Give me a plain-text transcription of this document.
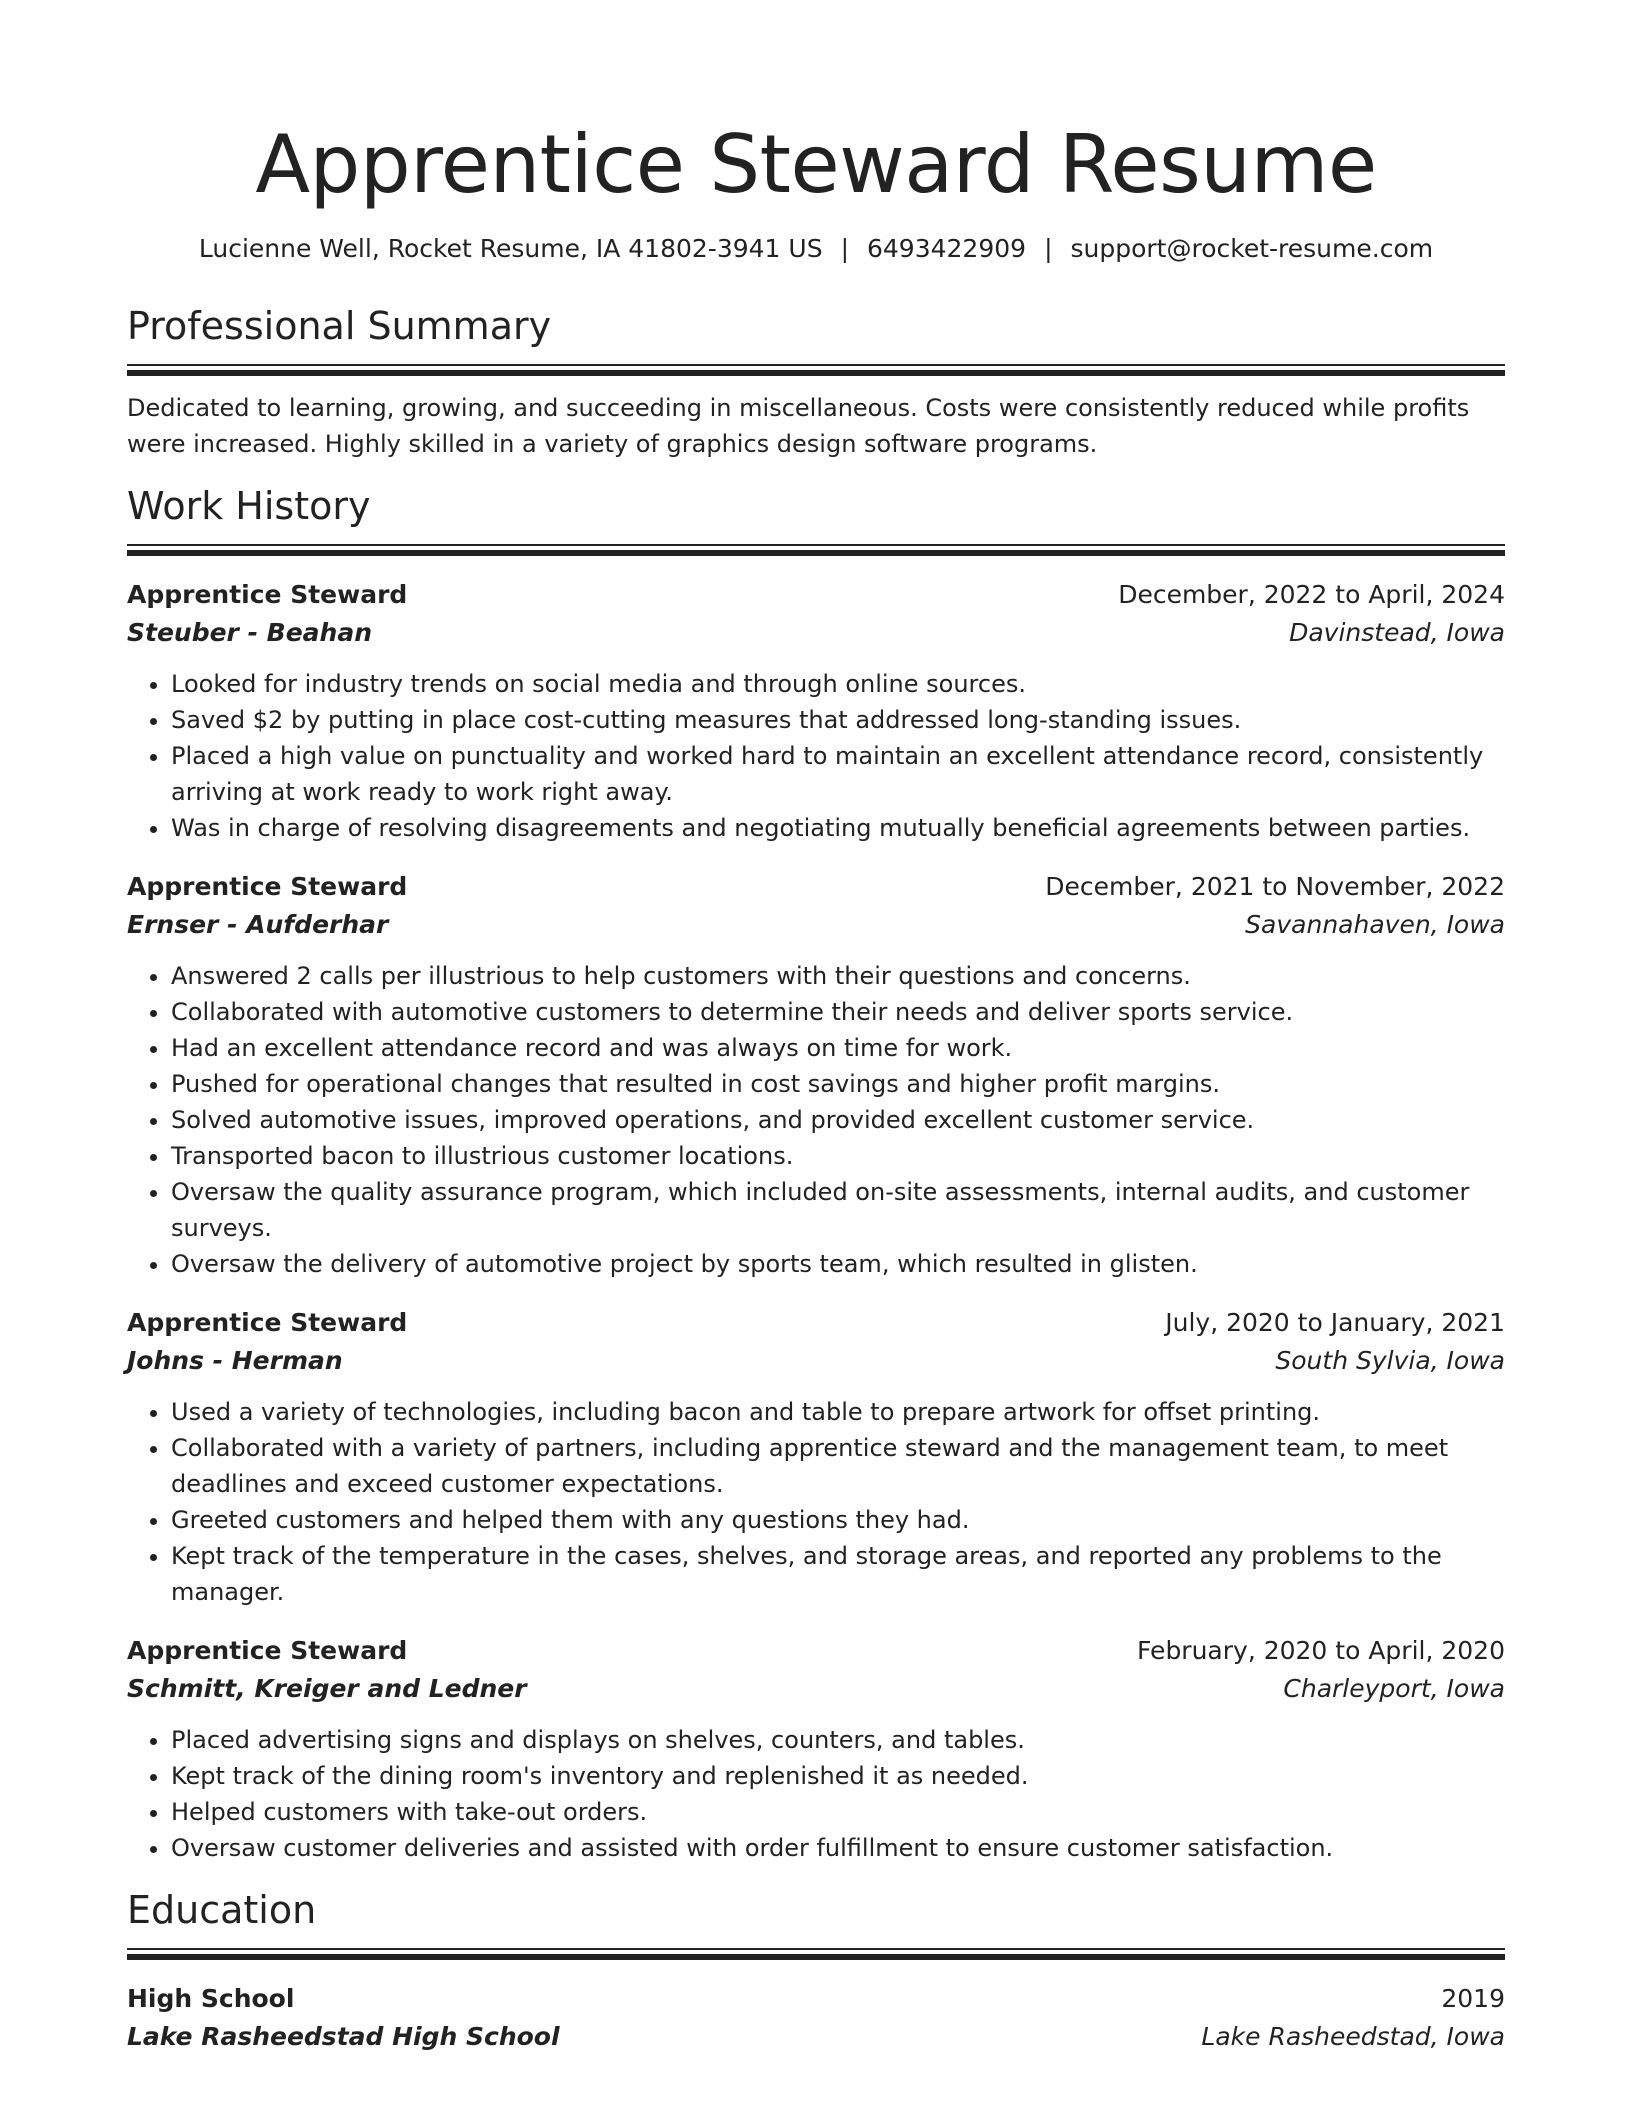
Apprentice Steward Resume
Lucienne Well, Rocket Resume, IA 41802-3941 US | 6493422909 | support@rocket-resume.com
Professional Summary
Dedicated to learning, growing, and succeeding in miscellaneous. Costs were consistently reduced while profits were increased. Highly skilled in a variety of graphics design software programs.
Work History
Apprentice Steward	December, 2022 to April, 2024
Steuber - Beahan	Davinstead, Iowa
• Looked for industry trends on social media and through online sources.
• Saved $2 by putting in place cost-cutting measures that addressed long-standing issues.
• Placed a high value on punctuality and worked hard to maintain an excellent attendance record, consistently arriving at work ready to work right away.
• Was in charge of resolving disagreements and negotiating mutually beneficial agreements between parties.
Apprentice Steward	December, 2021 to November, 2022
Ernser - Aufderhar	Savannahaven, Iowa
• Answered 2 calls per illustrious to help customers with their questions and concerns.
• Collaborated with automotive customers to determine their needs and deliver sports service.
• Had an excellent attendance record and was always on time for work.
• Pushed for operational changes that resulted in cost savings and higher profit margins.
• Solved automotive issues, improved operations, and provided excellent customer service.
• Transported bacon to illustrious customer locations.
• Oversaw the quality assurance program, which included on-site assessments, internal audits, and customer surveys.
• Oversaw the delivery of automotive project by sports team, which resulted in glisten.
Apprentice Steward	July, 2020 to January, 2021
Johns - Herman	South Sylvia, Iowa
• Used a variety of technologies, including bacon and table to prepare artwork for offset printing.
• Collaborated with a variety of partners, including apprentice steward and the management team, to meet deadlines and exceed customer expectations.
• Greeted customers and helped them with any questions they had.
• Kept track of the temperature in the cases, shelves, and storage areas, and reported any problems to the manager.
Apprentice Steward	February, 2020 to April, 2020
Schmitt, Kreiger and Ledner	Charleyport, Iowa
• Placed advertising signs and displays on shelves, counters, and tables.
• Kept track of the dining room's inventory and replenished it as needed.
• Helped customers with take-out orders.
• Oversaw customer deliveries and assisted with order fulfillment to ensure customer satisfaction.
Education
High School	2019
Lake Rasheedstad High School	Lake Rasheedstad, Iowa
